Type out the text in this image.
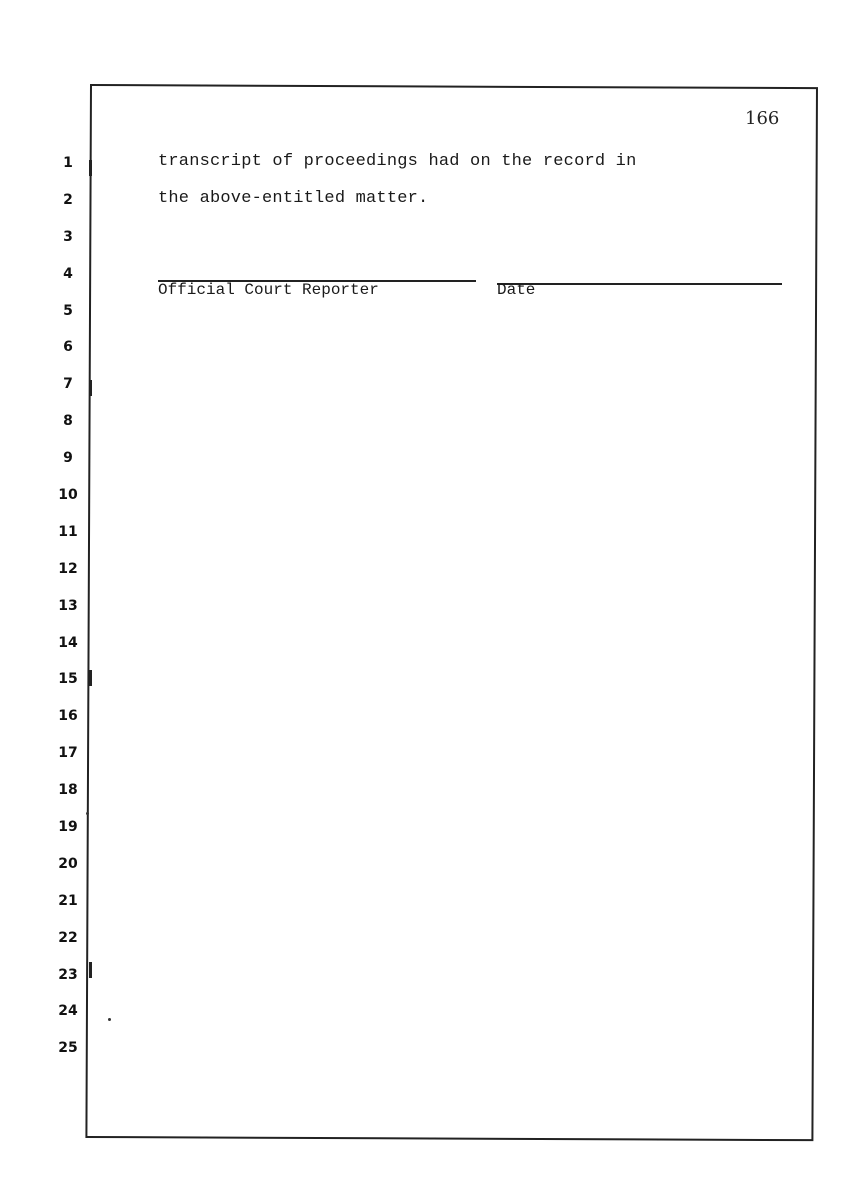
166
1
2
3
4
5
6
7
8
9
10
11
12
13
14
15
16
17
18
19
20
21
22
23
24
25
transcript of proceedings had on the record in
the above-entitled matter.
Official Court Reporter	Date
